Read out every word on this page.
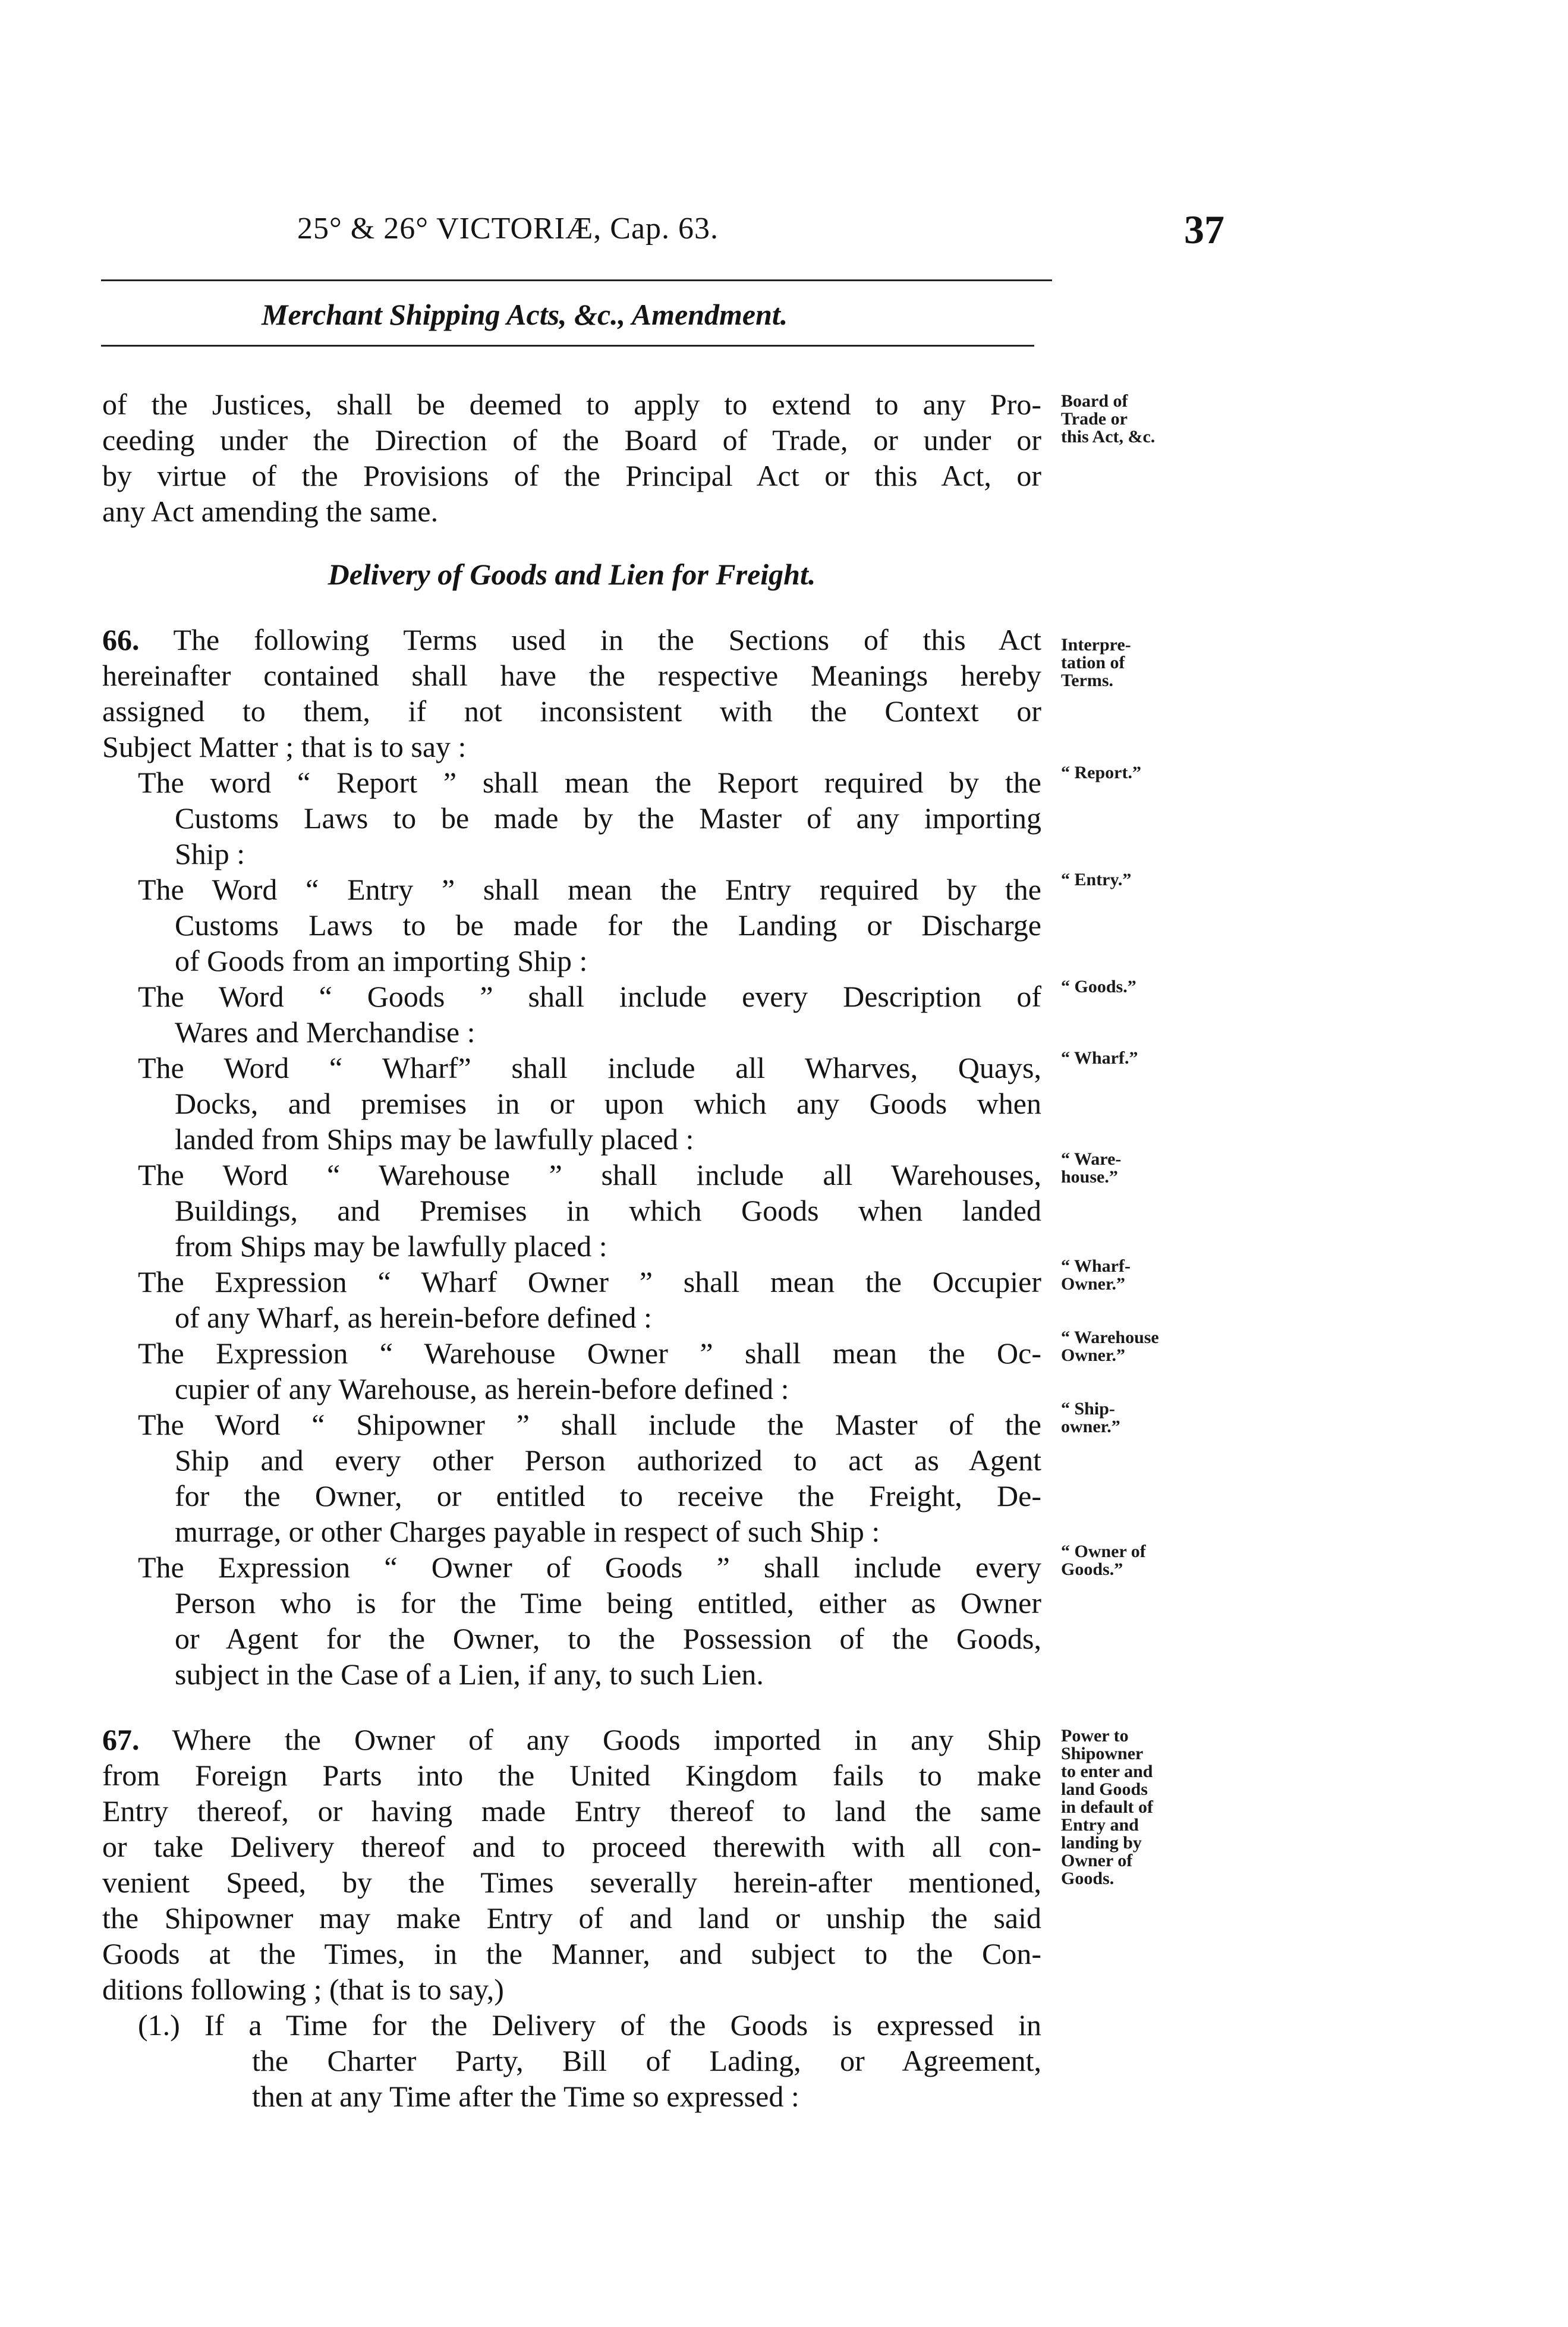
25° & 26° VICTORIÆ, Cap. 63.	37
Merchant Shipping Acts, &c., Amendment.
of the Justices, shall be deemed to apply to extend to any Pro-
ceeding under the Direction of the Board of Trade, or under or
by virtue of the Provisions of the Principal Act or this Act, or
any Act amending the same.
Delivery of Goods and Lien for Freight.
66. The following Terms used in the Sections of this Act
hereinafter contained shall have the respective Meanings hereby
assigned to them, if not inconsistent with the Context or
Subject Matter ; that is to say :
The word “ Report ” shall mean the Report required by the
Customs Laws to be made by the Master of any importing
Ship :
The Word “ Entry ” shall mean the Entry required by the
Customs Laws to be made for the Landing or Discharge
of Goods from an importing Ship :
The Word “ Goods ” shall include every Description of
Wares and Merchandise :
The Word “ Wharf” shall include all Wharves, Quays,
Docks, and premises in or upon which any Goods when
landed from Ships may be lawfully placed :
The Word “ Warehouse ” shall include all Warehouses,
Buildings, and Premises in which Goods when landed
from Ships may be lawfully placed :
The Expression “ Wharf Owner ” shall mean the Occupier
of any Wharf, as herein-before defined :
The Expression “ Warehouse Owner ” shall mean the Oc-
cupier of any Warehouse, as herein-before defined :
The Word “ Shipowner ” shall include the Master of the
Ship and every other Person authorized to act as Agent
for the Owner, or entitled to receive the Freight, De-
murrage, or other Charges payable in respect of such Ship :
The Expression “ Owner of Goods ” shall include every
Person who is for the Time being entitled, either as Owner
or Agent for the Owner, to the Possession of the Goods,
subject in the Case of a Lien, if any, to such Lien.
67. Where the Owner of any Goods imported in any Ship
from Foreign Parts into the United Kingdom fails to make
Entry thereof, or having made Entry thereof to land the same
or take Delivery thereof and to proceed therewith with all con-
venient Speed, by the Times severally herein-after mentioned,
the Shipowner may make Entry of and land or unship the said
Goods at the Times, in the Manner, and subject to the Con-
ditions following ; (that is to say,)
(1.) If a Time for the Delivery of the Goods is expressed in
the Charter Party, Bill of Lading, or Agreement,
then at any Time after the Time so expressed :
Board of
Trade or
this Act, &c.
Interpre-
tation of
Terms.
“ Report.”
“ Entry.”
“ Goods.”
“ Wharf.”
“ Ware-
house.”
“ Wharf-
Owner.”
“ Warehouse
Owner.”
“ Ship-
owner.”
“ Owner of
Goods.”
Power to
Shipowner
to enter and
land Goods
in default of
Entry and
landing by
Owner of
Goods.
